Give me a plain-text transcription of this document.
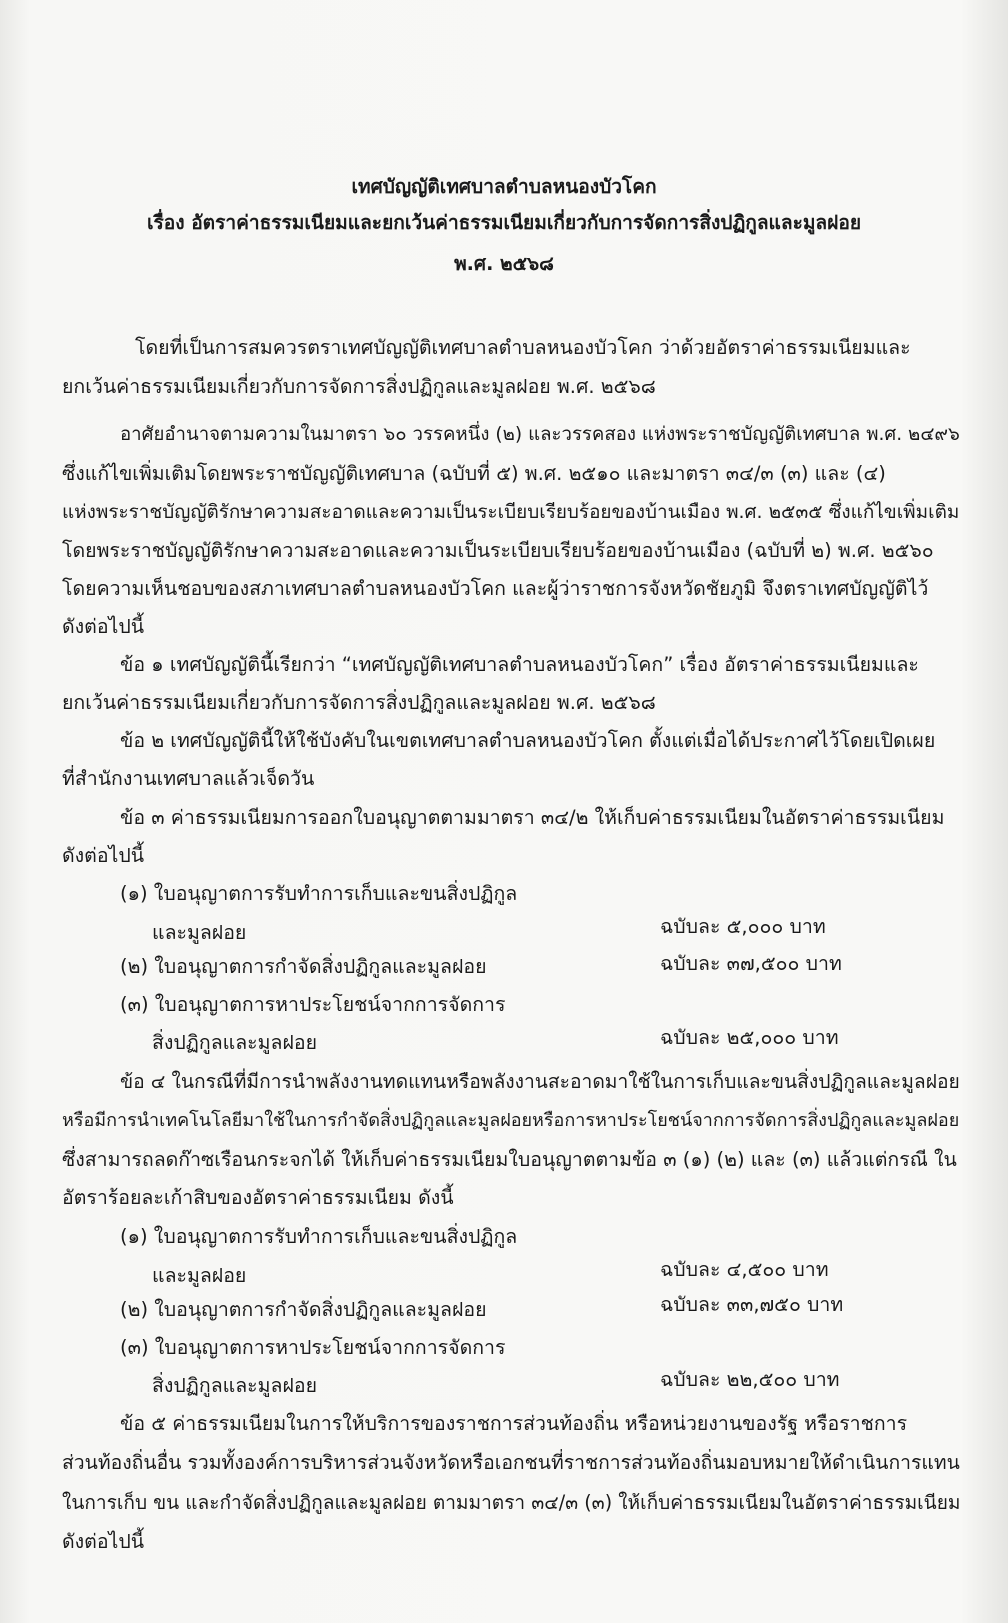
เทศบัญญัติเทศบาลตำบลหนองบัวโคก
เรื่อง อัตราค่าธรรมเนียมและยกเว้นค่าธรรมเนียมเกี่ยวกับการจัดการสิ่งปฏิกูลและมูลฝอย
พ.ศ. ๒๕๖๘
โดยที่เป็นการสมควรตราเทศบัญญัติเทศบาลตำบลหนองบัวโคก ว่าด้วยอัตราค่าธรรมเนียมและ
ยกเว้นค่าธรรมเนียมเกี่ยวกับการจัดการสิ่งปฏิกูลและมูลฝอย พ.ศ. ๒๕๖๘
อาศัยอำนาจตามความในมาตรา ๖๐ วรรคหนึ่ง (๒) และวรรคสอง แห่งพระราชบัญญัติเทศบาล พ.ศ. ๒๔๙๖
ซึ่งแก้ไขเพิ่มเติมโดยพระราชบัญญัติเทศบาล (ฉบับที่ ๕) พ.ศ. ๒๕๑๐ และมาตรา ๓๔/๓ (๓) และ (๔)
แห่งพระราชบัญญัติรักษาความสะอาดและความเป็นระเบียบเรียบร้อยของบ้านเมือง พ.ศ. ๒๕๓๕ ซึ่งแก้ไขเพิ่มเติม
โดยพระราชบัญญัติรักษาความสะอาดและความเป็นระเบียบเรียบร้อยของบ้านเมือง (ฉบับที่ ๒) พ.ศ. ๒๕๖๐
โดยความเห็นชอบของสภาเทศบาลตำบลหนองบัวโคก และผู้ว่าราชการจังหวัดชัยภูมิ จึงตราเทศบัญญัติไว้
ดังต่อไปนี้
ข้อ ๑ เทศบัญญัตินี้เรียกว่า “เทศบัญญัติเทศบาลตำบลหนองบัวโคก” เรื่อง อัตราค่าธรรมเนียมและ
ยกเว้นค่าธรรมเนียมเกี่ยวกับการจัดการสิ่งปฏิกูลและมูลฝอย พ.ศ. ๒๕๖๘
ข้อ ๒ เทศบัญญัตินี้ให้ใช้บังคับในเขตเทศบาลตำบลหนองบัวโคก ตั้งแต่เมื่อได้ประกาศไว้โดยเปิดเผย
ที่สำนักงานเทศบาลแล้วเจ็ดวัน
ข้อ ๓ ค่าธรรมเนียมการออกใบอนุญาตตามมาตรา ๓๔/๒ ให้เก็บค่าธรรมเนียมในอัตราค่าธรรมเนียม
ดังต่อไปนี้
(๑) ใบอนุญาตการรับทำการเก็บและขนสิ่งปฏิกูล
และมูลฝอย	ฉบับละ ๕,๐๐๐ บาท
(๒) ใบอนุญาตการกำจัดสิ่งปฏิกูลและมูลฝอย	ฉบับละ ๓๗,๕๐๐ บาท
(๓) ใบอนุญาตการหาประโยชน์จากการจัดการ
สิ่งปฏิกูลและมูลฝอย	ฉบับละ ๒๕,๐๐๐ บาท
ข้อ ๔ ในกรณีที่มีการนำพลังงานทดแทนหรือพลังงานสะอาดมาใช้ในการเก็บและขนสิ่งปฏิกูลและมูลฝอย
หรือมีการนำเทคโนโลยีมาใช้ในการกำจัดสิ่งปฏิกูลและมูลฝอยหรือการหาประโยชน์จากการจัดการสิ่งปฏิกูลและมูลฝอย
ซึ่งสามารถลดก๊าซเรือนกระจกได้ ให้เก็บค่าธรรมเนียมใบอนุญาตตามข้อ ๓ (๑) (๒) และ (๓) แล้วแต่กรณี ใน
อัตราร้อยละเก้าสิบของอัตราค่าธรรมเนียม ดังนี้
(๑) ใบอนุญาตการรับทำการเก็บและขนสิ่งปฏิกูล
และมูลฝอย	ฉบับละ ๔,๕๐๐ บาท
(๒) ใบอนุญาตการกำจัดสิ่งปฏิกูลและมูลฝอย	ฉบับละ ๓๓,๗๕๐ บาท
(๓) ใบอนุญาตการหาประโยชน์จากการจัดการ
สิ่งปฏิกูลและมูลฝอย	ฉบับละ ๒๒,๕๐๐ บาท
ข้อ ๕ ค่าธรรมเนียมในการให้บริการของราชการส่วนท้องถิ่น หรือหน่วยงานของรัฐ หรือราชการ
ส่วนท้องถิ่นอื่น รวมทั้งองค์การบริหารส่วนจังหวัดหรือเอกชนที่ราชการส่วนท้องถิ่นมอบหมายให้ดำเนินการแทน
ในการเก็บ ขน และกำจัดสิ่งปฏิกูลและมูลฝอย ตามมาตรา ๓๔/๓ (๓) ให้เก็บค่าธรรมเนียมในอัตราค่าธรรมเนียม
ดังต่อไปนี้
